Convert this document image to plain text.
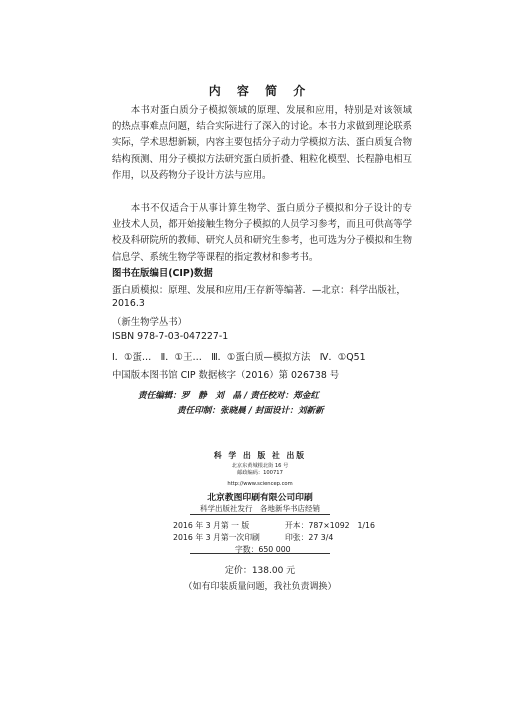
内 容 简 介
本书对蛋白质分子模拟领域的原理、发展和应用，特别是对该领域的热点事难点问题，结合实际进行了深入的讨论。本书力求做到理论联系实际，学术思想新颖，内容主要包括分子动力学模拟方法、蛋白质复合物结构预测、用分子模拟方法研究蛋白质折叠、粗粒化模型、长程静电相互作用，以及药物分子设计方法与应用。
本书不仅适合于从事计算生物学、蛋白质分子模拟和分子设计的专业技术人员，都开始接触生物分子模拟的人员学习参考，而且可供高等学校及科研院所的教师、研究人员和研究生参考，也可选为分子模拟和生物信息学、系统生物学等课程的指定教材和参考书。
图书在版编目(CIP)数据
蛋白质模拟：原理、发展和应用/王存新等编著．—北京：科学出版社，
2016.3
（新生物学丛书）
ISBN 978-7-03-047227-1
Ⅰ．①蛋…　Ⅱ．①王…　Ⅲ．①蛋白质—模拟方法　Ⅳ．①Q51
中国版本图书馆 CIP 数据核字（2016）第 026738 号
责任编辑：罗　静　刘　晶 / 责任校对：郑金红
责任印制：张晓晨 / 封面设计：刘新新
科 学 出 版 社 出版
北京东黄城根北街 16 号
邮政编码：100717
http://www.sciencep.com
北京教图印刷有限公司印刷
科学出版社发行　各地新华书店经销
2016 年 3 月第 一 版	开本：787×1092　1/16
2016 年 3 月第一次印刷	印张：27 3/4
字数：650 000
定价：138.00 元
（如有印装质量问题，我社负责调换）
